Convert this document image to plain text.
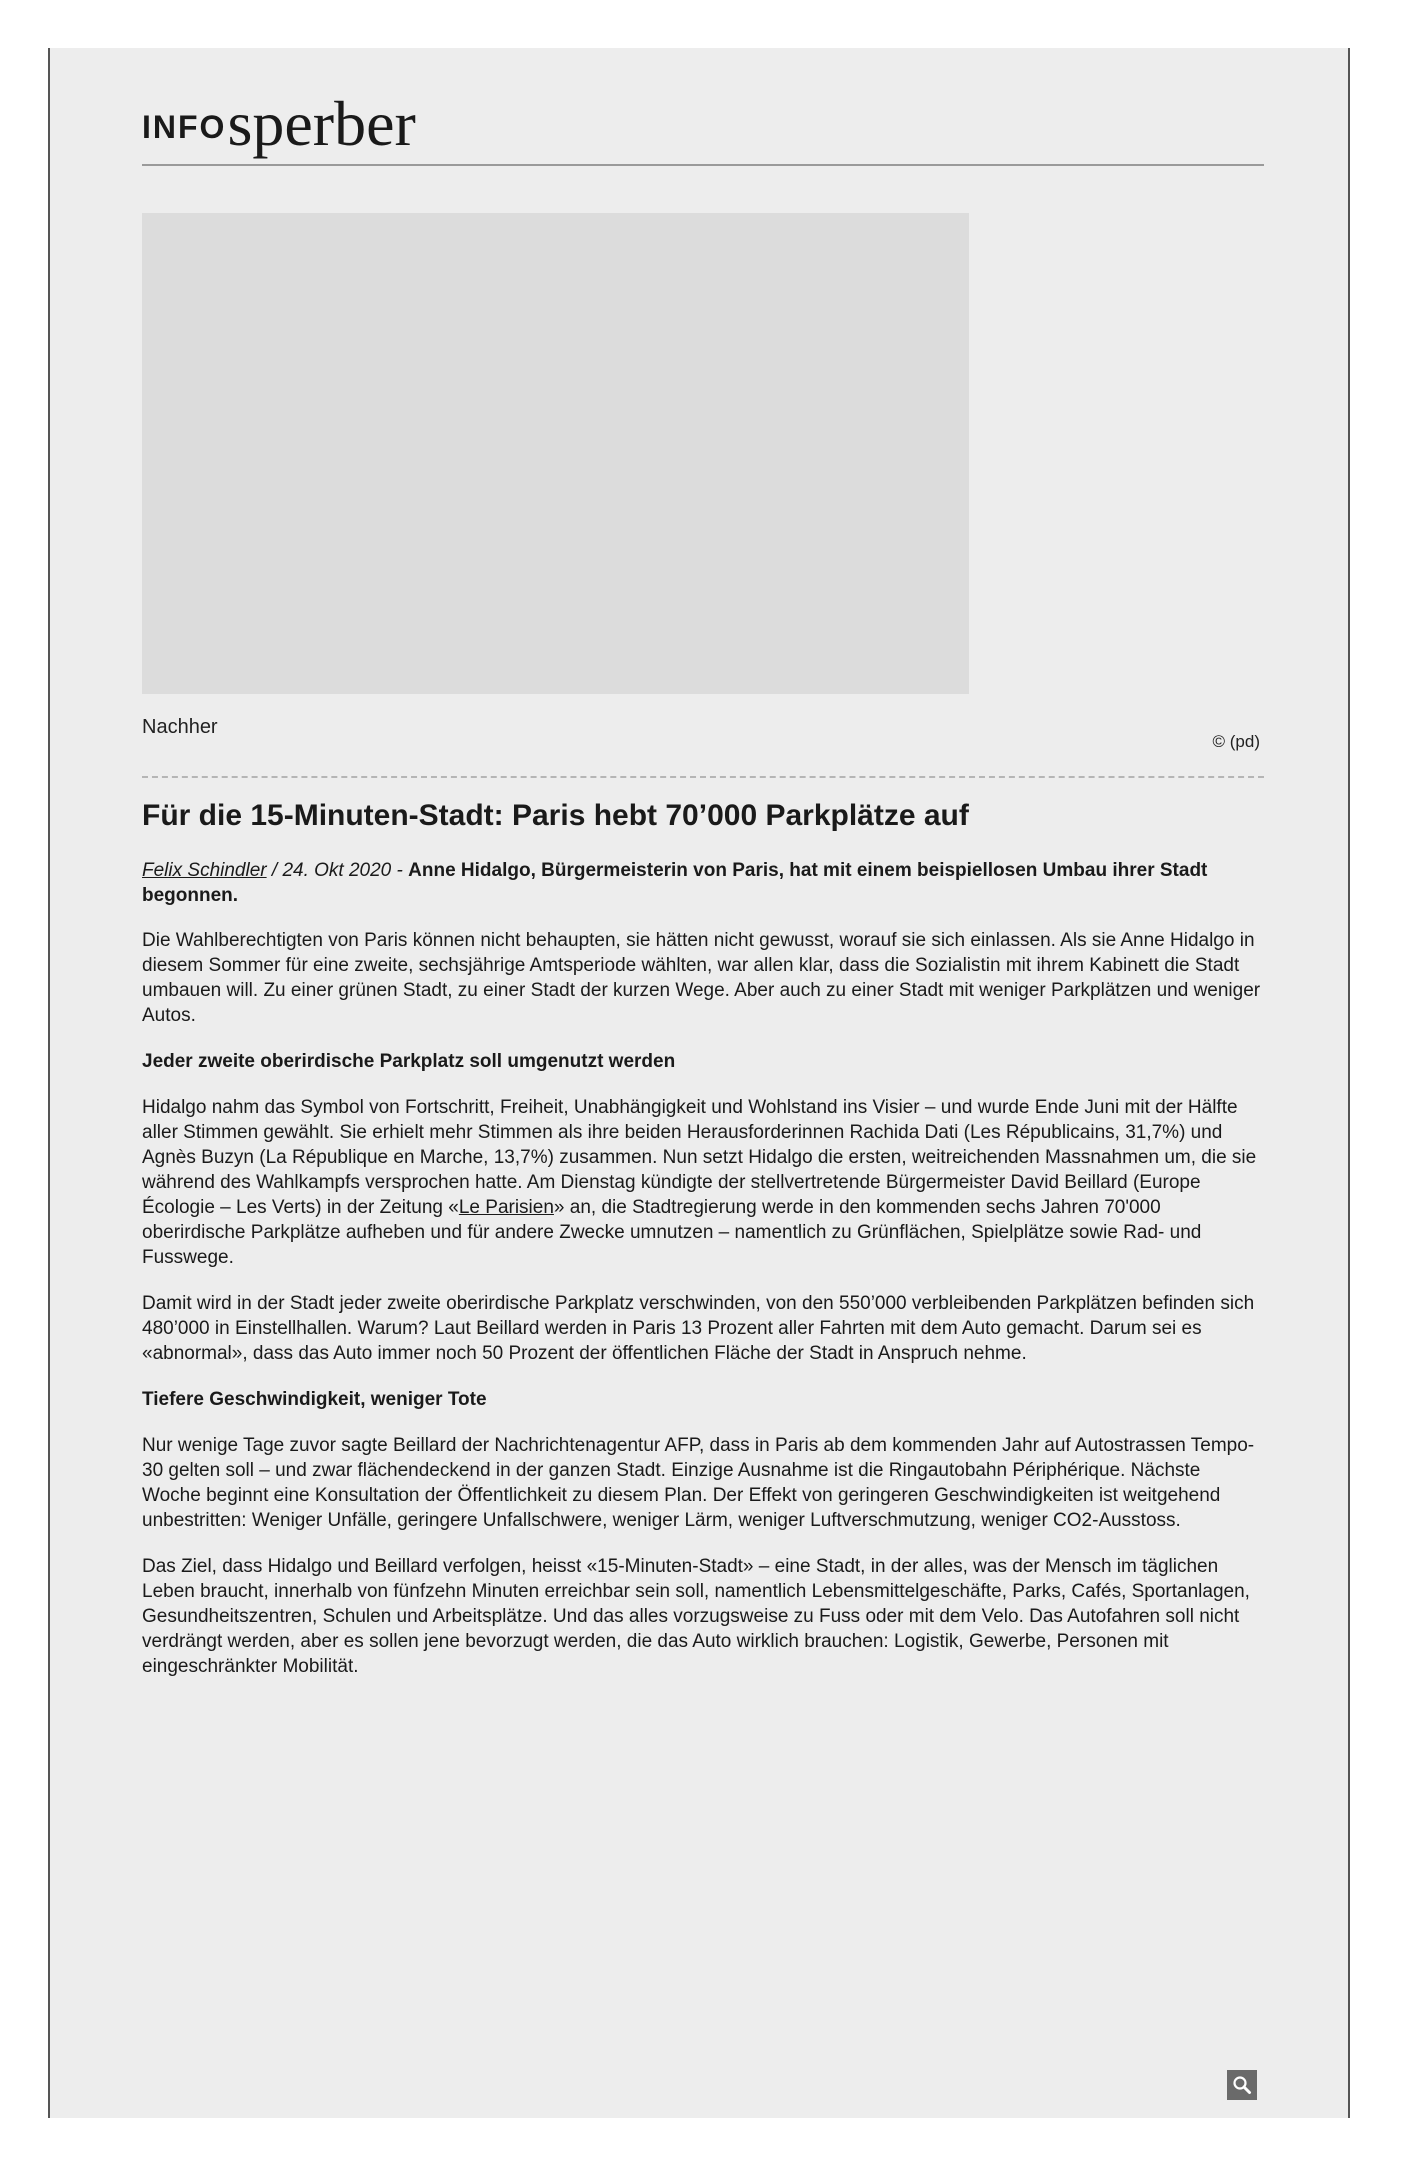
INFO sperber
Nachher
© (pd)
Für die 15-Minuten-Stadt: Paris hebt 70’000 Parkplätze auf
Felix Schindler / 24. Okt 2020 - Anne Hidalgo, Bürgermeisterin von Paris, hat mit einem beispiellosen Umbau ihrer Stadt begonnen.

Die Wahlberechtigten von Paris können nicht behaupten, sie hätten nicht gewusst, worauf sie sich einlassen. Als sie Anne Hidalgo in diesem Sommer für eine zweite, sechsjährige Amtsperiode wählten, war allen klar, dass die Sozialistin mit ihrem Kabinett die Stadt umbauen will. Zu einer grünen Stadt, zu einer Stadt der kurzen Wege. Aber auch zu einer Stadt mit weniger Parkplätzen und weniger Autos.

Jeder zweite oberirdische Parkplatz soll umgenutzt werden

Hidalgo nahm das Symbol von Fortschritt, Freiheit, Unabhängigkeit und Wohlstand ins Visier – und wurde Ende Juni mit der Hälfte aller Stimmen gewählt. Sie erhielt mehr Stimmen als ihre beiden Herausforderinnen Rachida Dati (Les Républicains, 31,7%) und Agnès Buzyn (La République en Marche, 13,7%) zusammen. Nun setzt Hidalgo die ersten, weitreichenden Massnahmen um, die sie während des Wahlkampfs versprochen hatte. Am Dienstag kündigte der stellvertretende Bürgermeister David Beillard (Europe Écologie – Les Verts) in der Zeitung «Le Parisien» an, die Stadtregierung werde in den kommenden sechs Jahren 70'000 oberirdische Parkplätze aufheben und für andere Zwecke umnutzen – namentlich zu Grünflächen, Spielplätze sowie Rad- und Fusswege.

Damit wird in der Stadt jeder zweite oberirdische Parkplatz verschwinden, von den 550’000 verbleibenden Parkplätzen befinden sich 480’000 in Einstellhallen. Warum? Laut Beillard werden in Paris 13 Prozent aller Fahrten mit dem Auto gemacht. Darum sei es «abnormal», dass das Auto immer noch 50 Prozent der öffentlichen Fläche der Stadt in Anspruch nehme.

Tiefere Geschwindigkeit, weniger Tote

Nur wenige Tage zuvor sagte Beillard der Nachrichtenagentur AFP, dass in Paris ab dem kommenden Jahr auf Autostrassen Tempo-30 gelten soll – und zwar flächendeckend in der ganzen Stadt. Einzige Ausnahme ist die Ringautobahn Périphérique. Nächste Woche beginnt eine Konsultation der Öffentlichkeit zu diesem Plan. Der Effekt von geringeren Geschwindigkeiten ist weitgehend unbestritten: Weniger Unfälle, geringere Unfallschwere, weniger Lärm, weniger Luftverschmutzung, weniger CO2-Ausstoss.

Das Ziel, dass Hidalgo und Beillard verfolgen, heisst «15-Minuten-Stadt» – eine Stadt, in der alles, was der Mensch im täglichen Leben braucht, innerhalb von fünfzehn Minuten erreichbar sein soll, namentlich Lebensmittelgeschäfte, Parks, Cafés, Sportanlagen, Gesundheitszentren, Schulen und Arbeitsplätze. Und das alles vorzugsweise zu Fuss oder mit dem Velo. Das Autofahren soll nicht verdrängt werden, aber es sollen jene bevorzugt werden, die das Auto wirklich brauchen: Logistik, Gewerbe, Personen mit eingeschränkter Mobilität.
